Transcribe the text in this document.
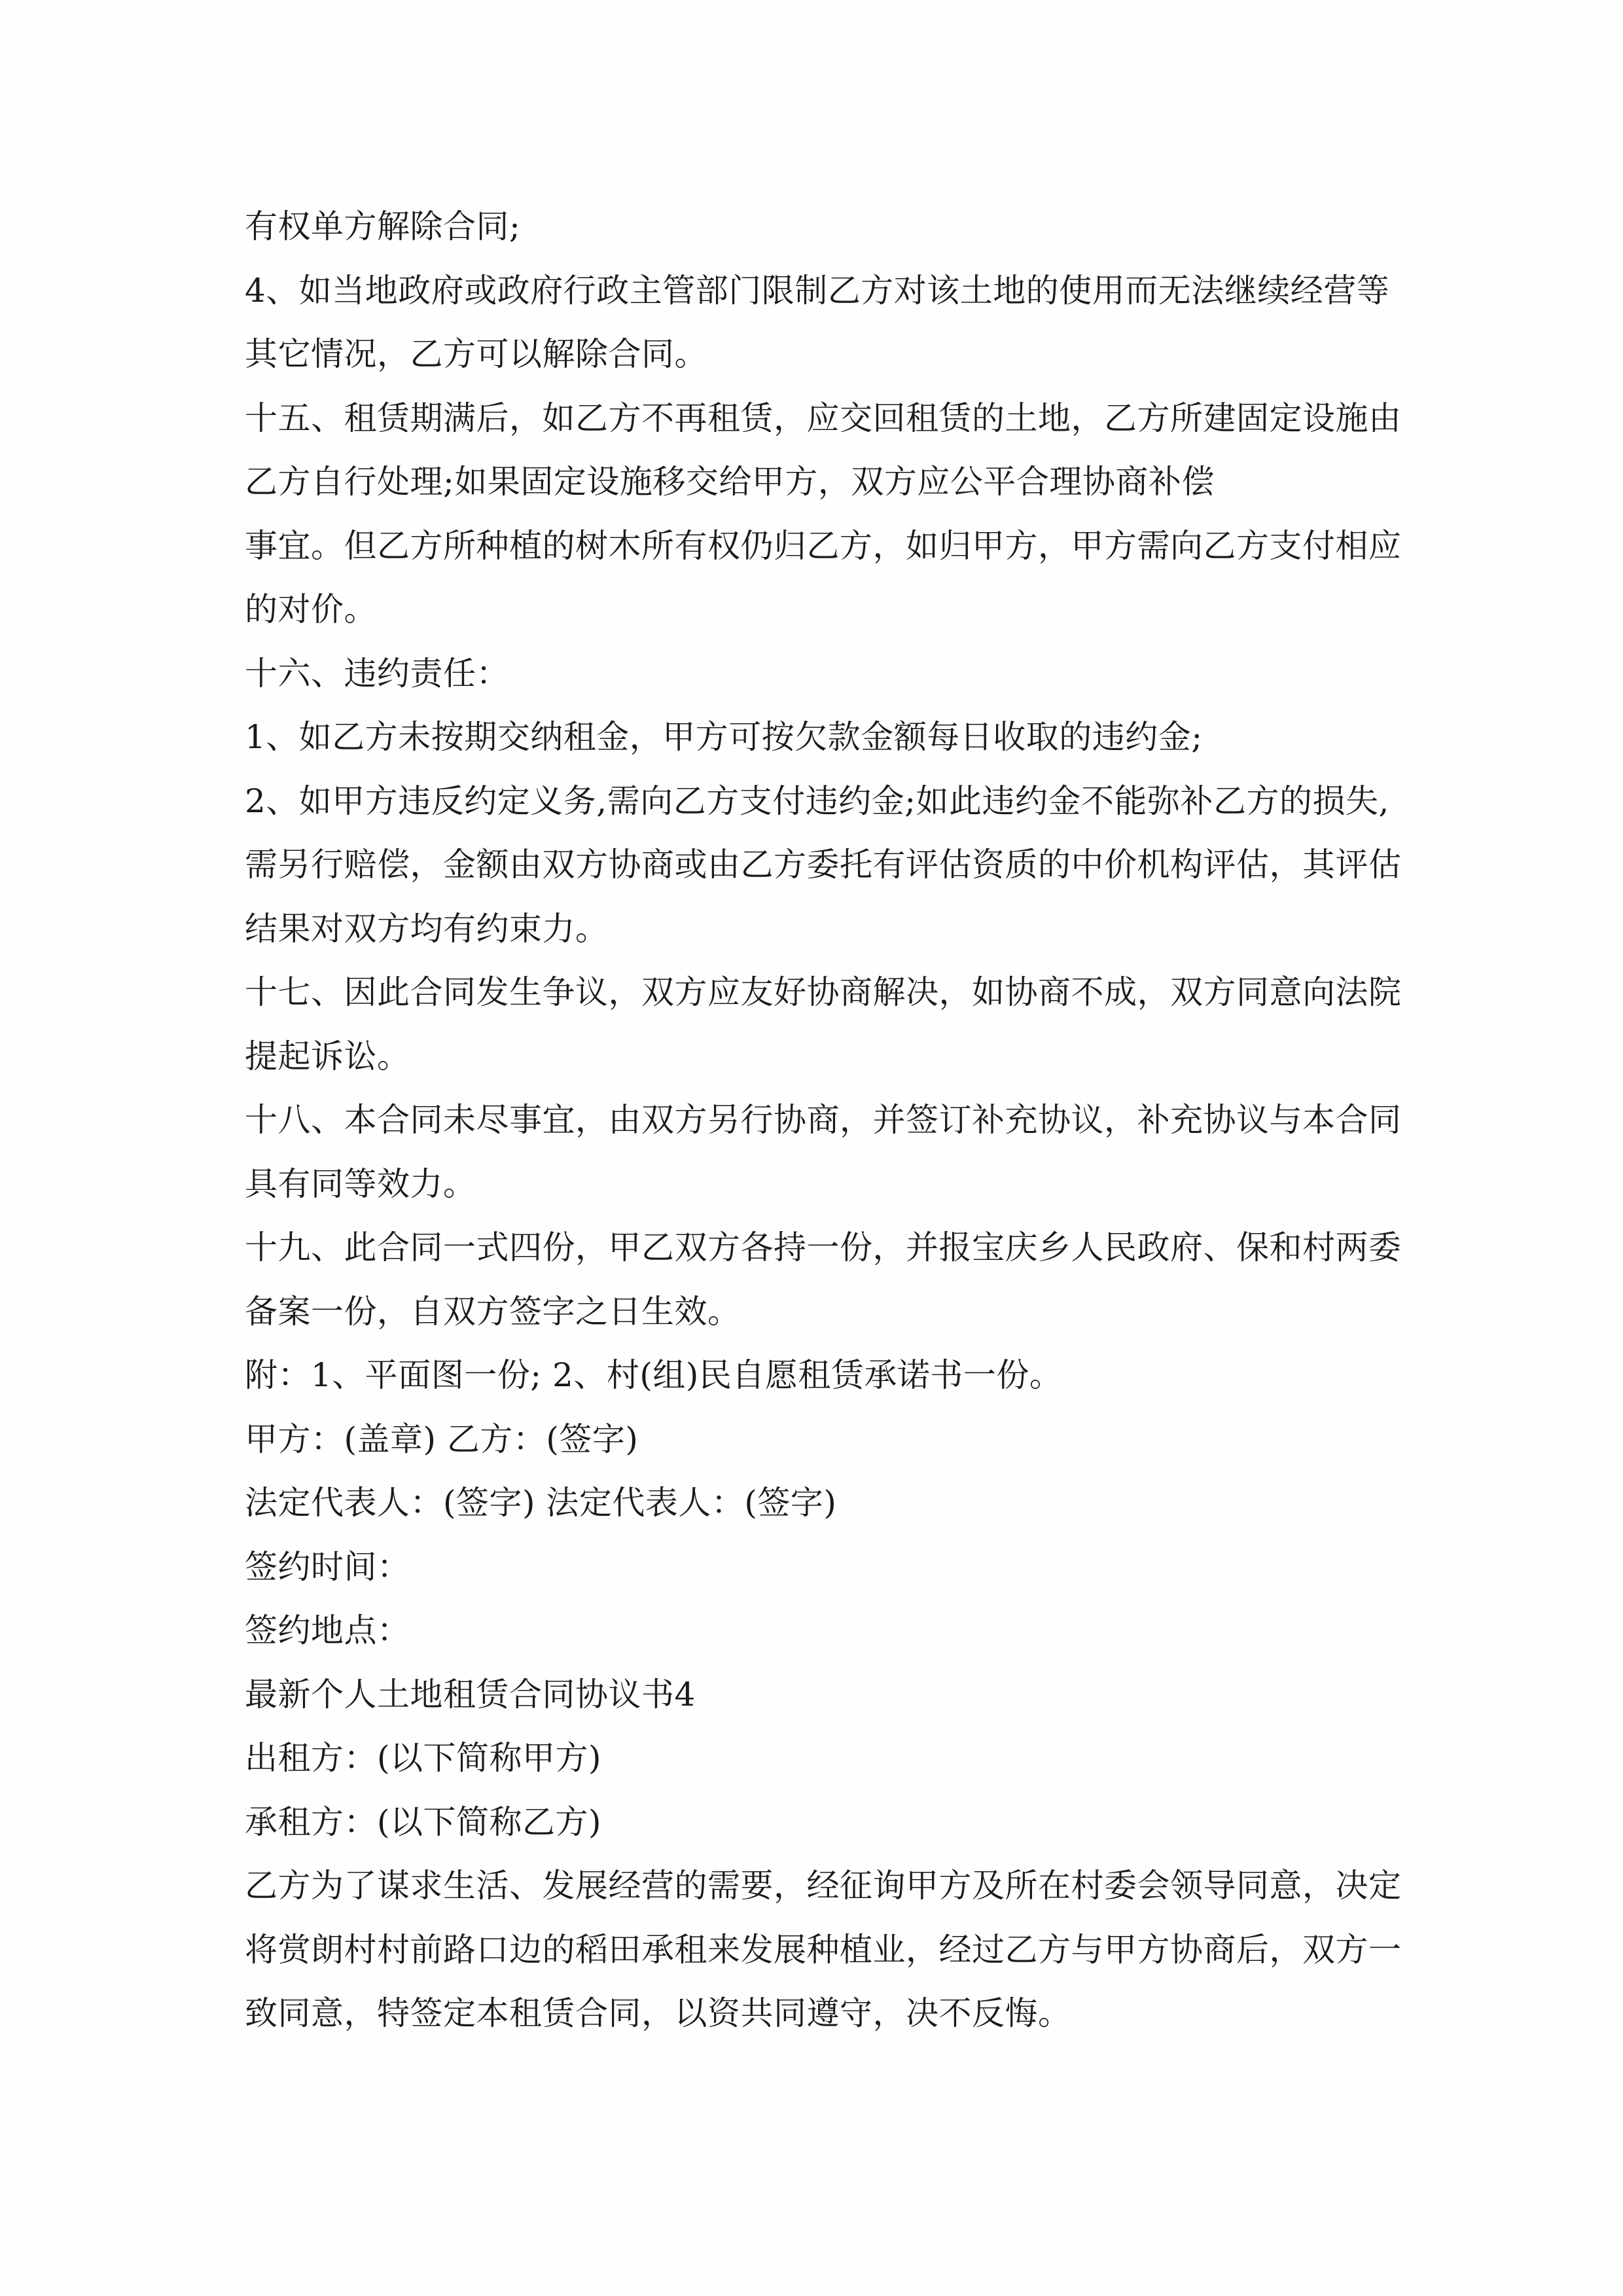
有权单方解除合同;
4、如当地政府或政府行政主管部门限制乙方对该土地的使用而无法继续经营等
其它情况，乙方可以解除合同。
十五、租赁期满后，如乙方不再租赁，应交回租赁的土地，乙方所建固定设施由
乙方自行处理;如果固定设施移交给甲方，双方应公平合理协商补偿
事宜。但乙方所种植的树木所有权仍归乙方，如归甲方，甲方需向乙方支付相应
的对价。
十六、违约责任：
1、如乙方未按期交纳租金，甲方可按欠款金额每日收取的违约金;
2、如甲方违反约定义务,需向乙方支付违约金;如此违约金不能弥补乙方的损失,
需另行赔偿，金额由双方协商或由乙方委托有评估资质的中价机构评估，其评估
结果对双方均有约束力。
十七、因此合同发生争议，双方应友好协商解决，如协商不成，双方同意向法院
提起诉讼。
十八、本合同未尽事宜，由双方另行协商，并签订补充协议，补充协议与本合同
具有同等效力。
十九、此合同一式四份，甲乙双方各持一份，并报宝庆乡人民政府、保和村两委
备案一份，自双方签字之日生效。
附：1、平面图一份; 2、村(组)民自愿租赁承诺书一份。
甲方：(盖章) 乙方：(签字)
法定代表人：(签字) 法定代表人：(签字)
签约时间：
签约地点：
最新个人土地租赁合同协议书4
出租方：(以下简称甲方)
承租方：(以下简称乙方)
乙方为了谋求生活、发展经营的需要，经征询甲方及所在村委会领导同意，决定
将赏朗村村前路口边的稻田承租来发展种植业，经过乙方与甲方协商后，双方一
致同意，特签定本租赁合同，以资共同遵守，决不反悔。
